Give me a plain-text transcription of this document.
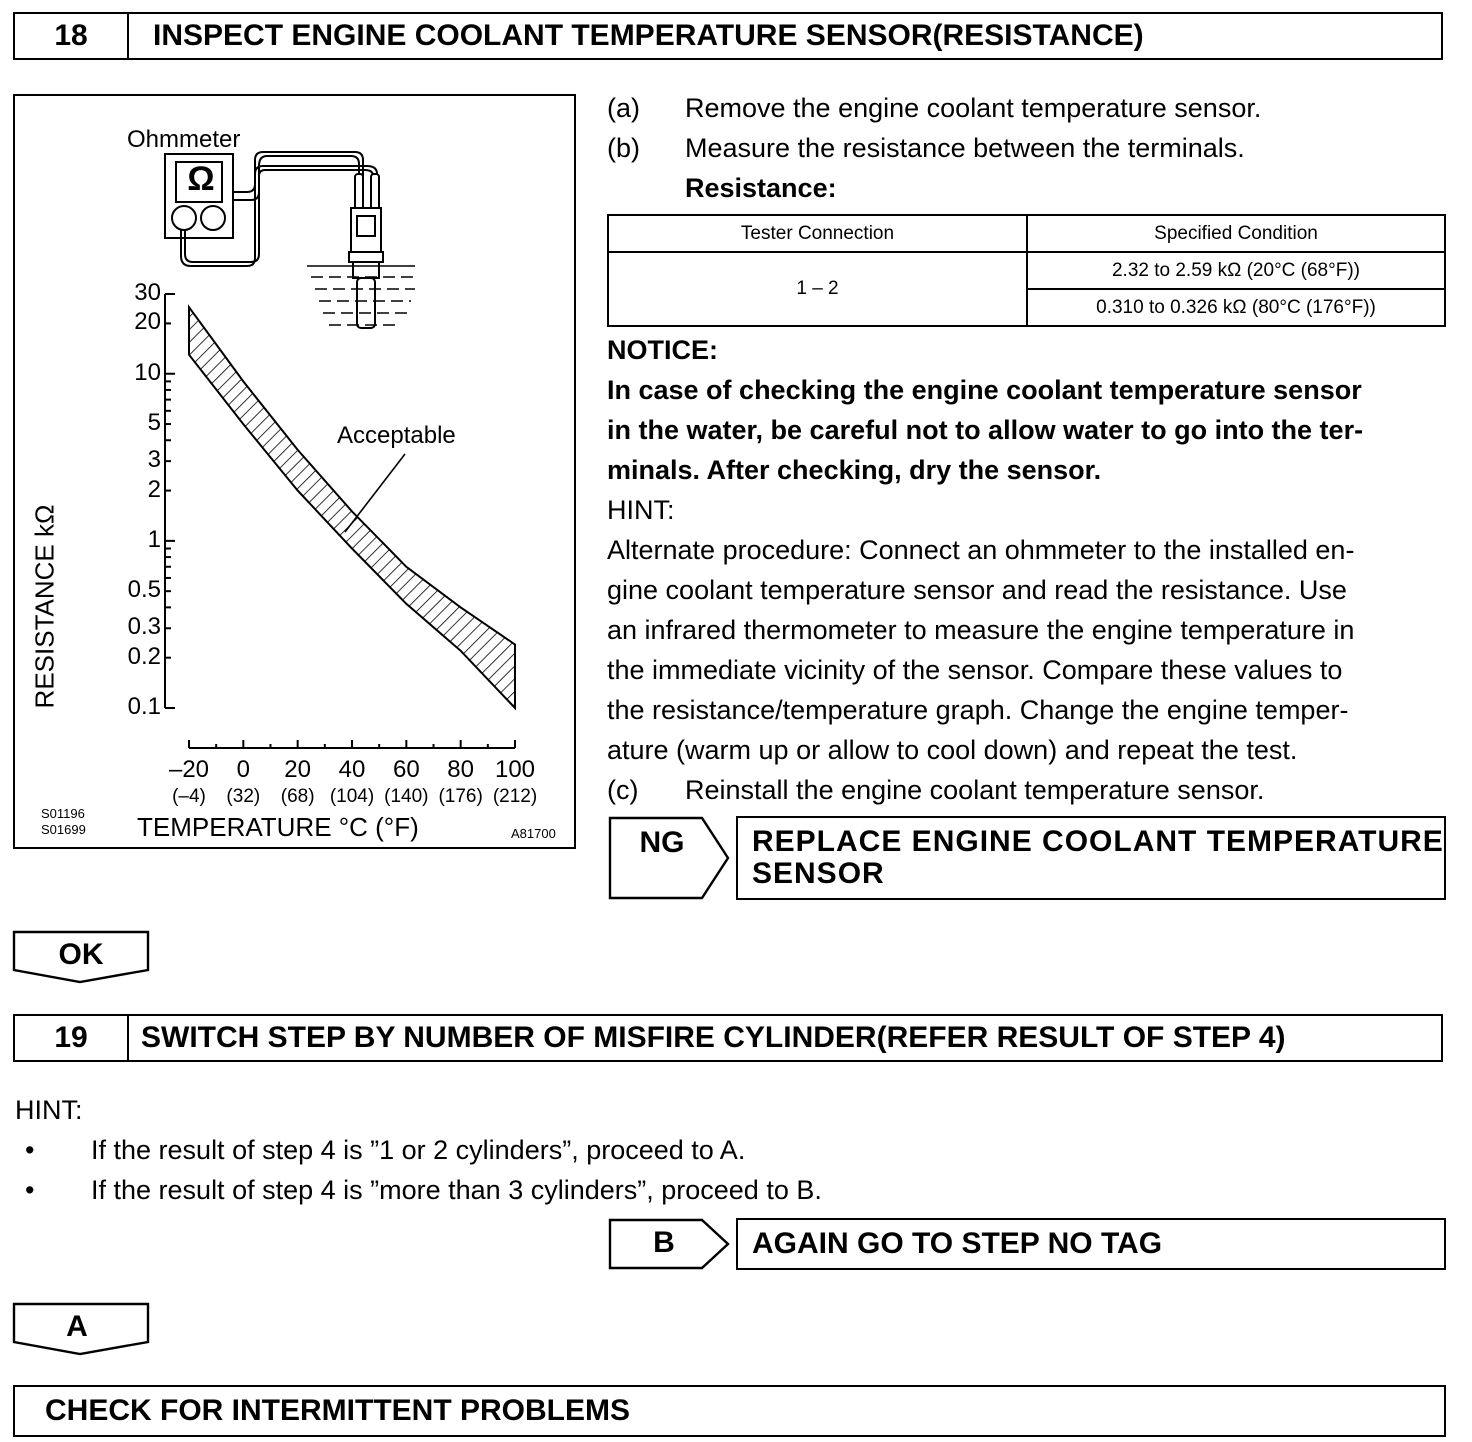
18	INSPECT ENGINE COOLANT TEMPERATURE SENSOR(RESISTANCE)
Ohmmeter
Ω
Acceptable
RESISTANCE kΩ
30
20
10
5
3
2
1
0.5
0.3
0.2
0.1
–20
(–4)
0
(32)
20
(68)
40
(104)
60
(140)
80
(176)
100
(212)
S01196
S01699 TEMPERATURE °C (°F)	A81700
(a) Remove the engine coolant temperature sensor.
(b) Measure the resistance between the terminals.
Resistance:
Tester Connection	Specified Condition
1 – 2	2.32 to 2.59 kΩ (20°C (68°F))
	0.310 to 0.326 kΩ (80°C (176°F))
NOTICE:
In case of checking the engine coolant temperature sensor
in the water, be careful not to allow water to go into the ter-
minals. After checking, dry the sensor.
HINT:
Alternate procedure: Connect an ohmmeter to the installed en-
gine coolant temperature sensor and read the resistance. Use
an infrared thermometer to measure the engine temperature in
the immediate vicinity of the sensor. Compare these values to
the resistance/temperature graph. Change the engine temper-
ature (warm up or allow to cool down) and repeat the test.
(c) Reinstall the engine coolant temperature sensor.
NG	REPLACE ENGINE COOLANT TEMPERATURE
SENSOR
OK
19	SWITCH STEP BY NUMBER OF MISFIRE CYLINDER(REFER RESULT OF STEP 4)
HINT:
• If the result of step 4 is ”1 or 2 cylinders”, proceed to A.
• If the result of step 4 is ”more than 3 cylinders”, proceed to B.
B	AGAIN GO TO STEP NO TAG
A
CHECK FOR INTERMITTENT PROBLEMS
